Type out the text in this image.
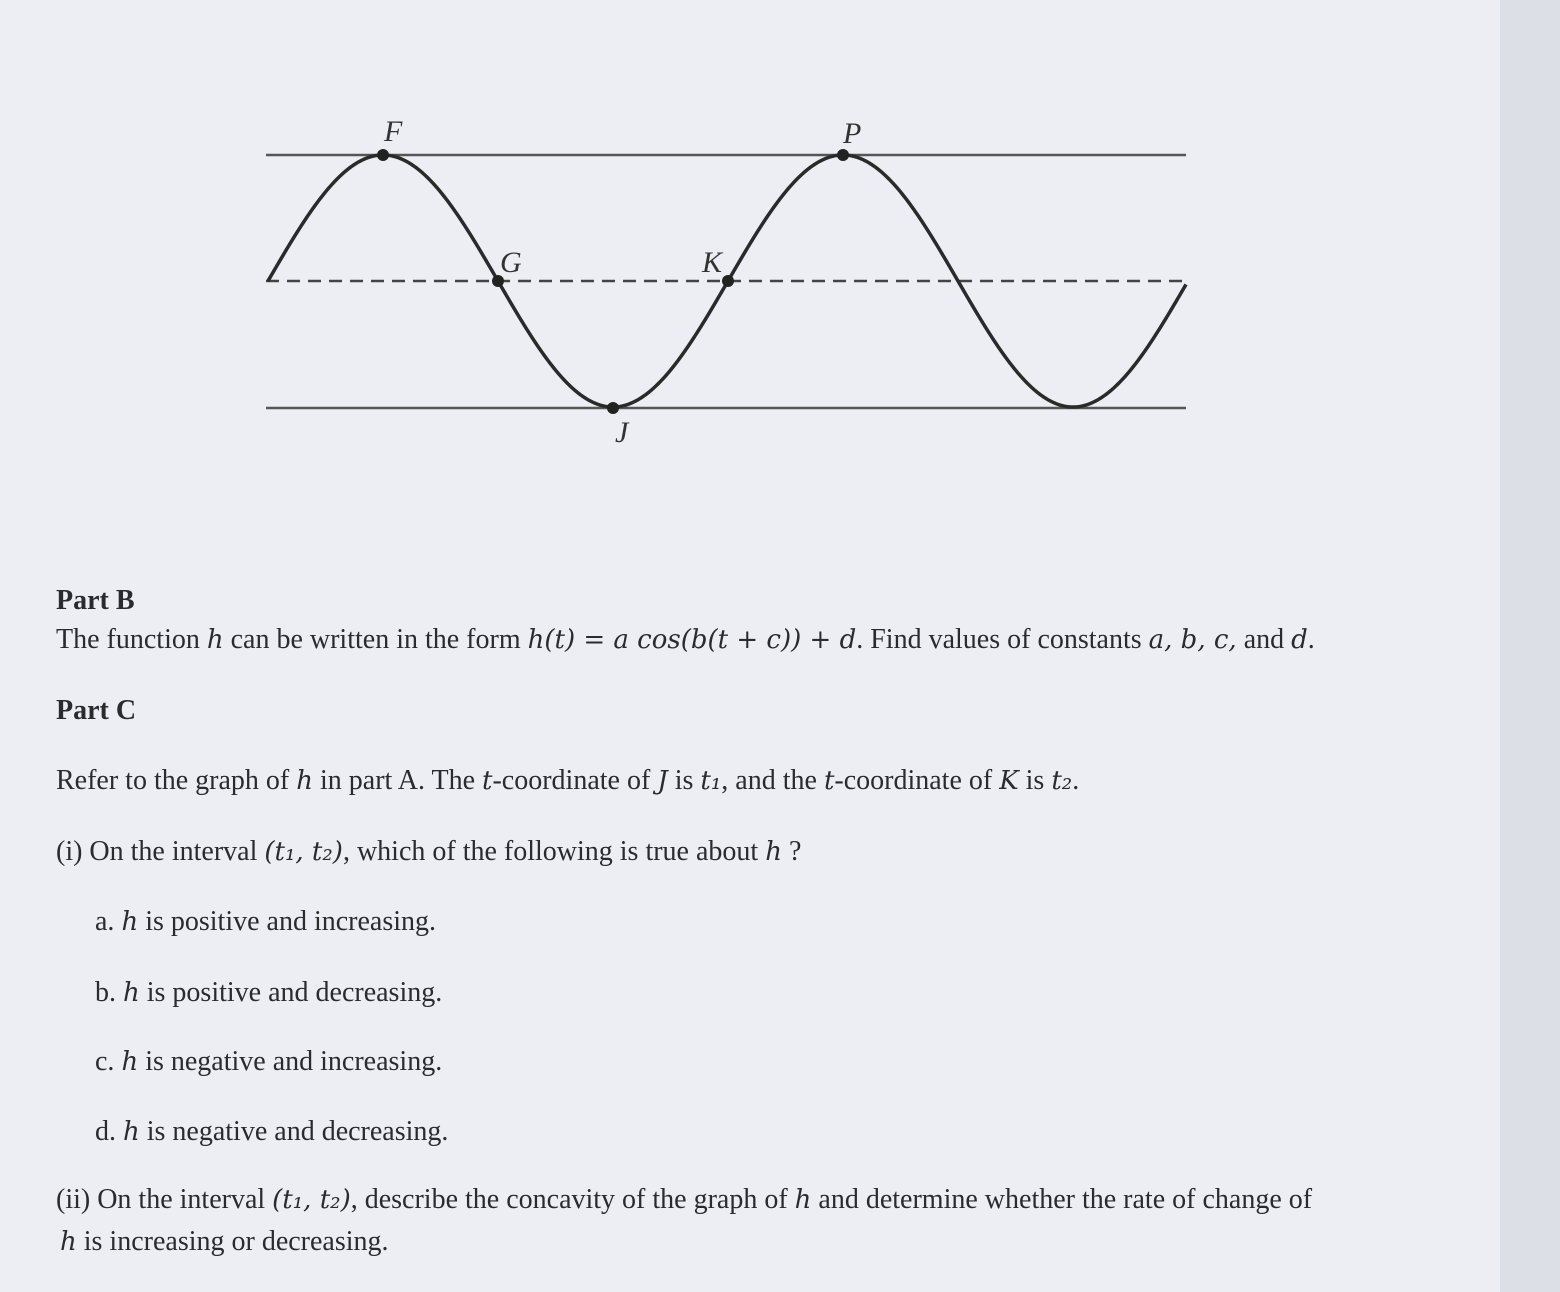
F	P
G	K
J
Part B
The function h can be written in the form h(t) = a cos(b(t + c)) + d. Find values of constants a, b, c, and d.
Part C
Refer to the graph of h in part A. The t-coordinate of J is t₁, and the t-coordinate of K is t₂.
(i) On the interval (t₁, t₂), which of the following is true about h ?
a. h is positive and increasing.
b. h is positive and decreasing.
c. h is negative and increasing.
d. h is negative and decreasing.
(ii) On the interval (t₁, t₂), describe the concavity of the graph of h and determine whether the rate of change of
h is increasing or decreasing.
